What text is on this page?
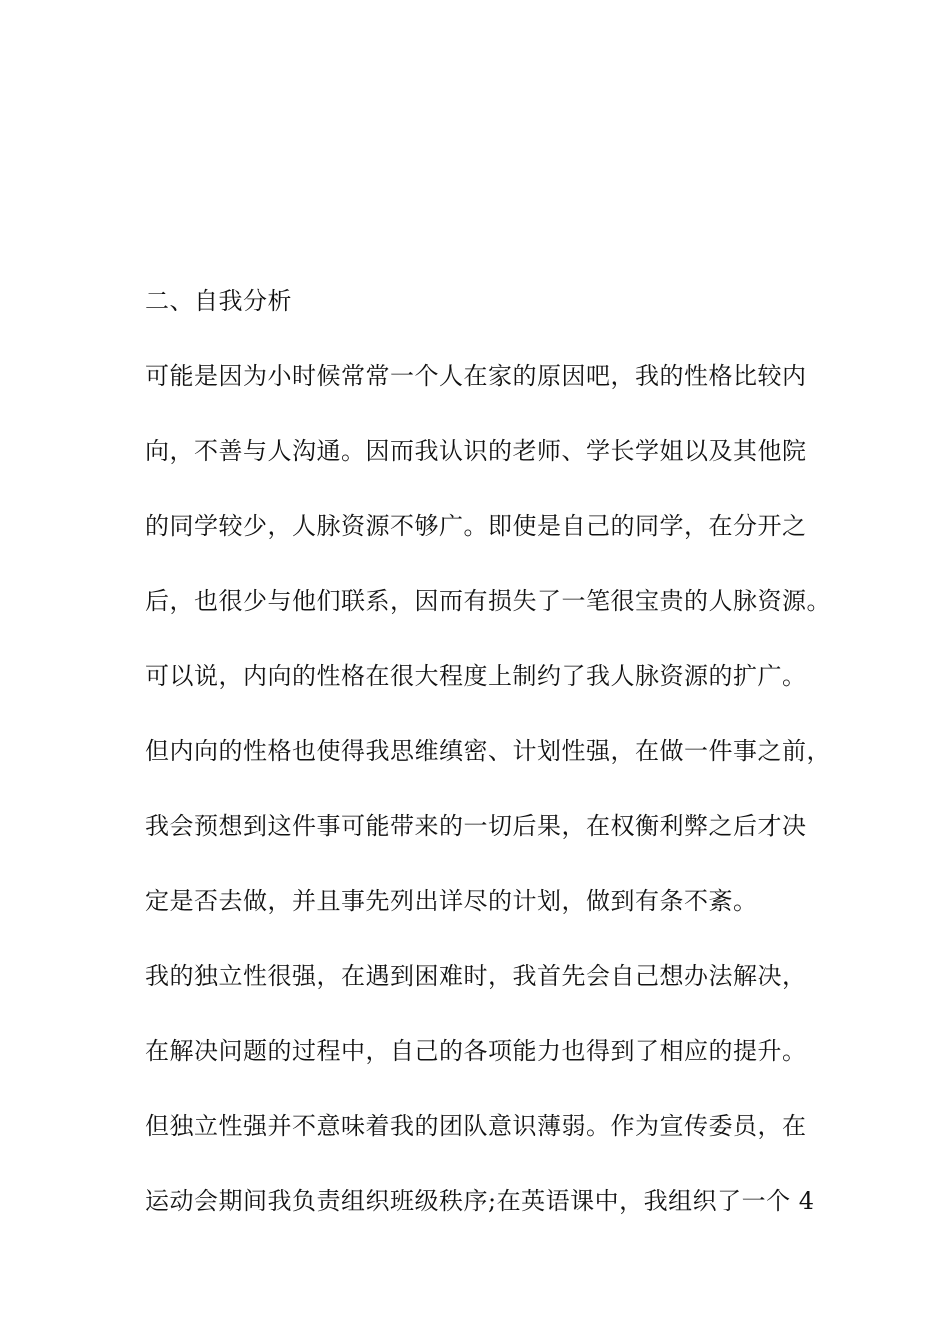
二、自我分析
可能是因为小时候常常一个人在家的原因吧，我的性格比较内
向，不善与人沟通。因而我认识的老师、学长学姐以及其他院
的同学较少，人脉资源不够广。即使是自己的同学，在分开之
后，也很少与他们联系，因而有损失了一笔很宝贵的人脉资源。
可以说，内向的性格在很大程度上制约了我人脉资源的扩广。
但内向的性格也使得我思维缜密、计划性强，在做一件事之前，
我会预想到这件事可能带来的一切后果，在权衡利弊之后才决
定是否去做，并且事先列出详尽的计划，做到有条不紊。
我的独立性很强，在遇到困难时，我首先会自己想办法解决，
在解决问题的过程中，自己的各项能力也得到了相应的提升。
但独立性强并不意味着我的团队意识薄弱。作为宣传委员，在
运动会期间我负责组织班级秩序;在英语课中，我组织了一个 4
